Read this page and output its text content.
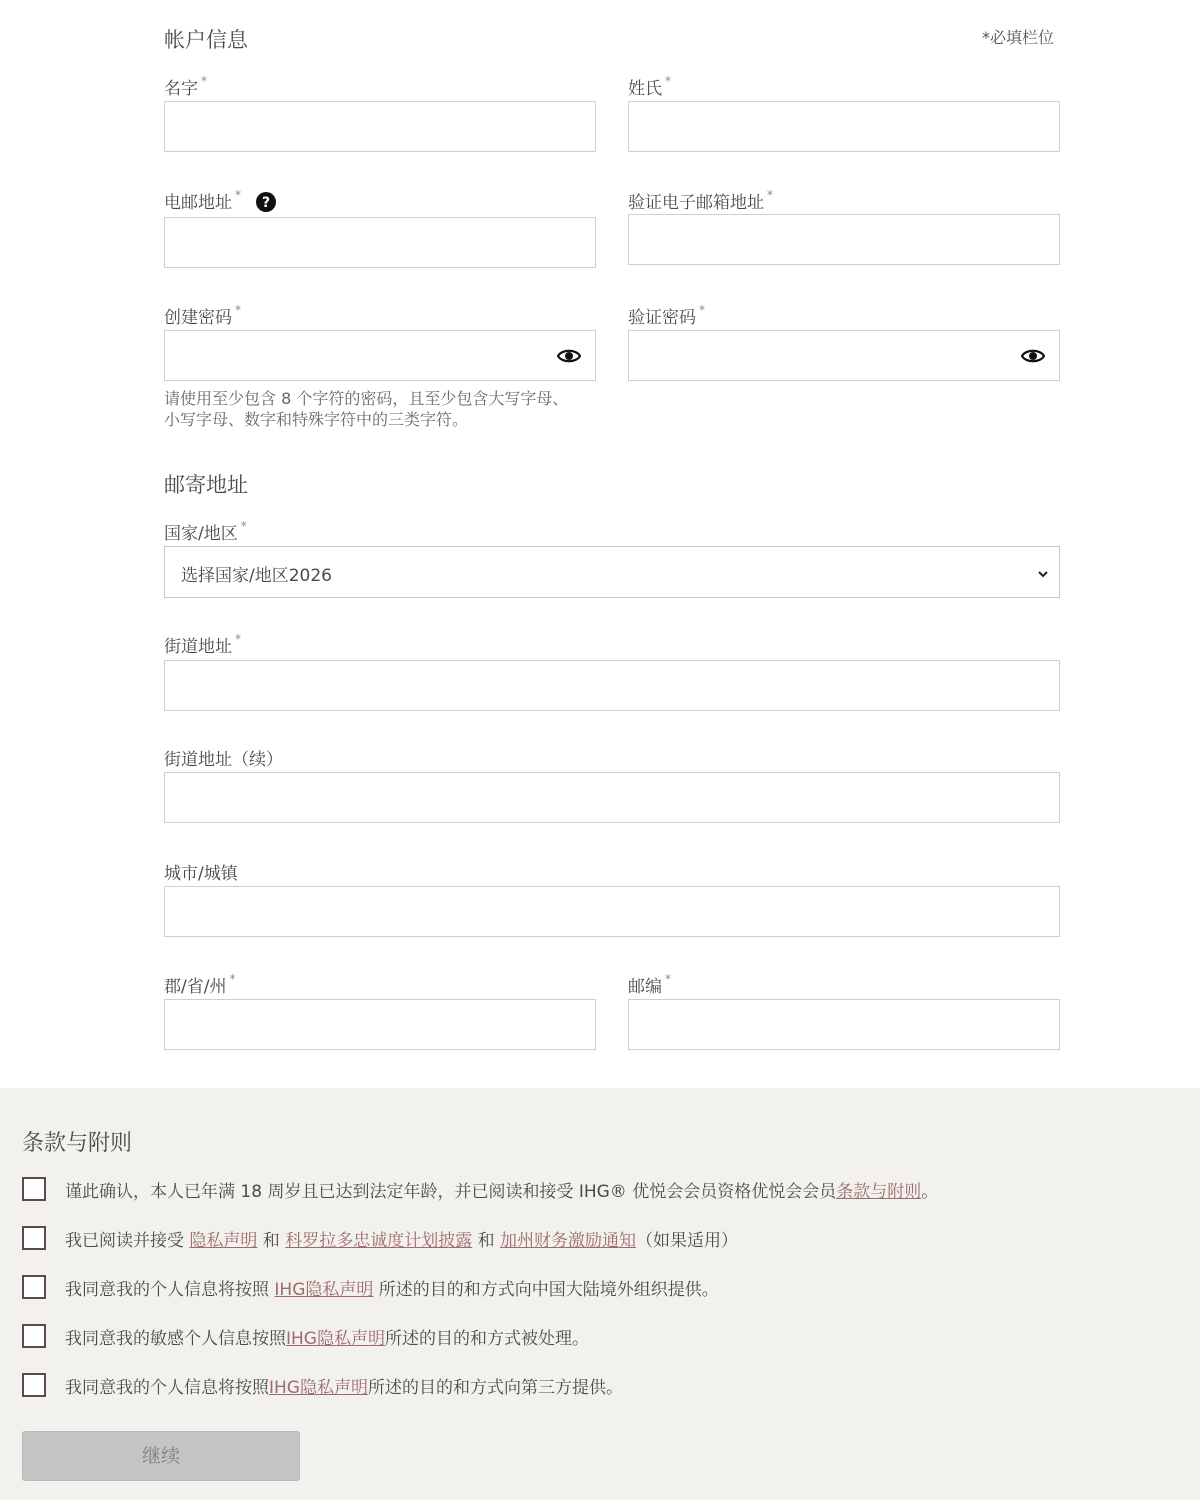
帐户信息	*必填栏位
名字 *	姓氏 *
电邮地址 * ?	验证电子邮箱地址 *
创建密码 *	验证密码 *
请使用至少包含 8 个字符的密码，且至少包含大写字母、小写字母、数字和特殊字符中的三类字符。
邮寄地址
国家/地区 *
选择国家/地区2026
街道地址 *
街道地址（续）
城市/城镇
郡/省/州 *	邮编 *
条款与附则
谨此确认，本人已年满 18 周岁且已达到法定年龄，并已阅读和接受 IHG® 优悦会会员资格优悦会会员条款与附则。
我已阅读并接受 隐私声明 和 科罗拉多忠诚度计划披露 和 加州财务激励通知（如果适用）
我同意我的个人信息将按照 IHG隐私声明 所述的目的和方式向中国大陆境外组织提供。
我同意我的敏感个人信息按照IHG隐私声明所述的目的和方式被处理。
我同意我的个人信息将按照IHG隐私声明所述的目的和方式向第三方提供。
继续
